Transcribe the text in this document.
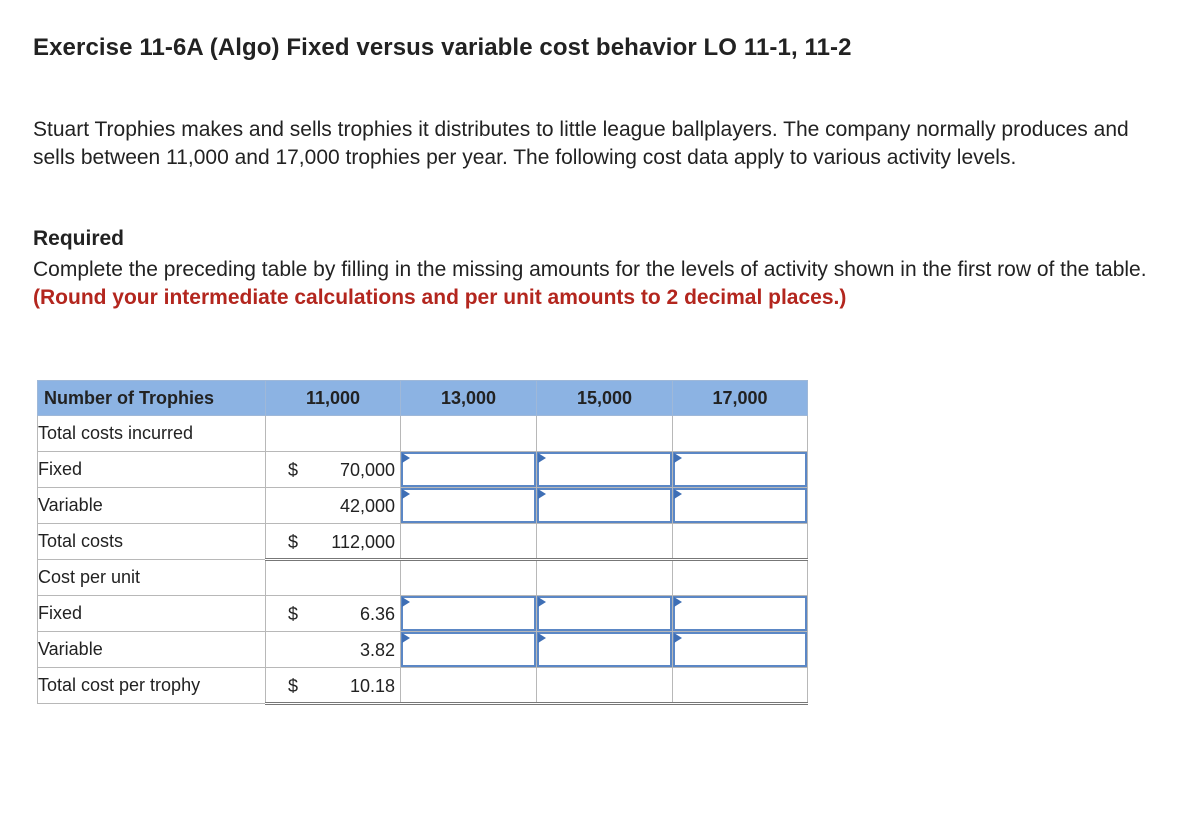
Exercise 11-6A (Algo) Fixed versus variable cost behavior LO 11-1, 11-2
Stuart Trophies makes and sells trophies it distributes to little league ballplayers. The company normally produces and sells between 11,000 and 17,000 trophies per year. The following cost data apply to various activity levels.
Required
Complete the preceding table by filling in the missing amounts for the levels of activity shown in the first row of the table. (Round your intermediate calculations and per unit amounts to 2 decimal places.)
Number of Trophies	11,000	13,000	15,000	17,000
Total costs incurred				
Fixed	$ 70,000

Variable	42,000

Total costs	$ 112,000			

Cost per unit				
Fixed	$ 6.36

Variable	3.82

Total cost per trophy	$ 10.18			
